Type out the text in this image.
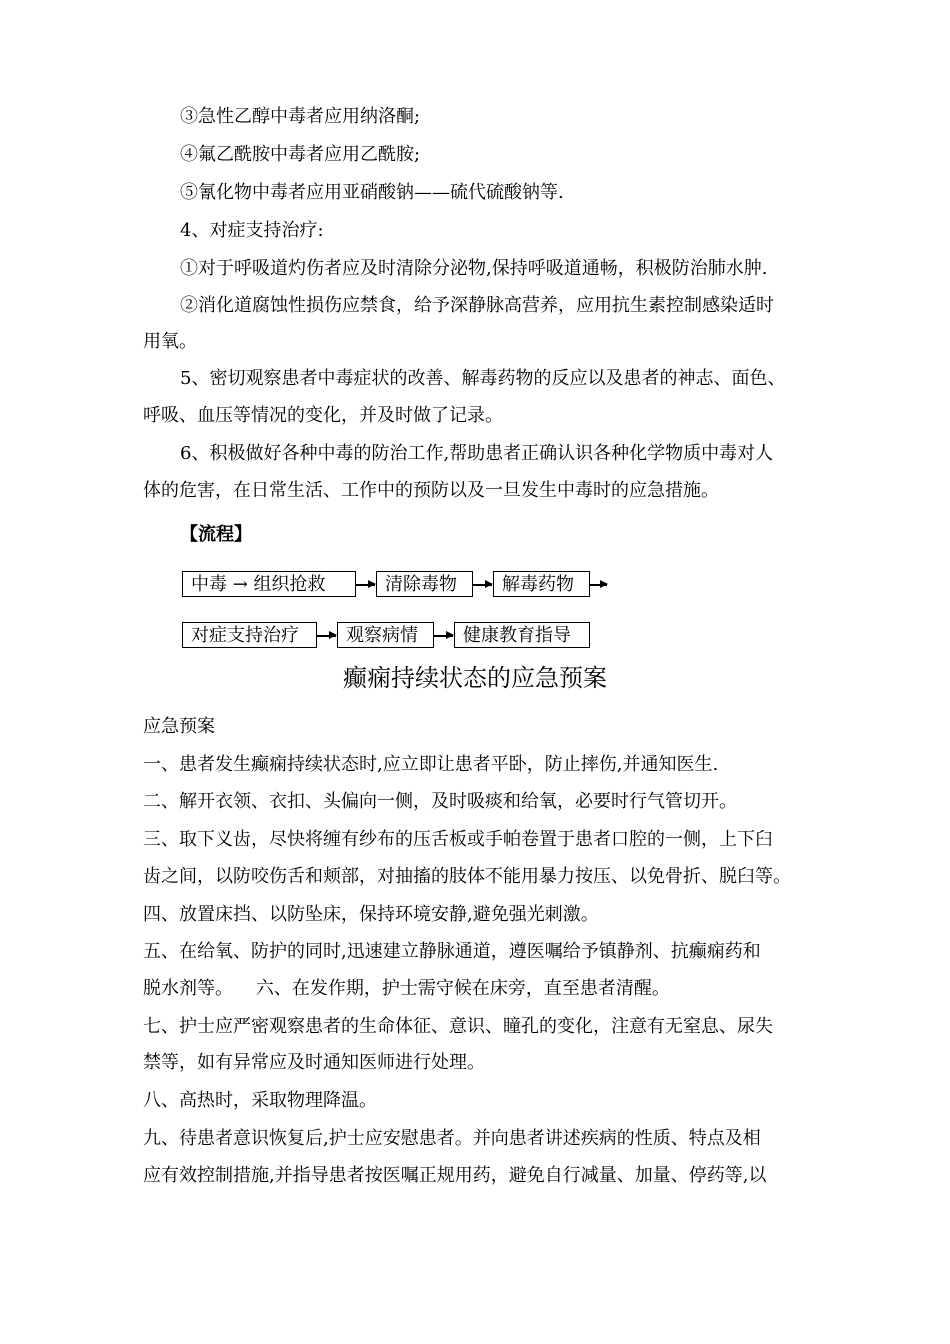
③急性乙醇中毒者应用纳洛酮;
④氟乙酰胺中毒者应用乙酰胺;
⑤氰化物中毒者应用亚硝酸钠——硫代硫酸钠等.
4、对症支持治疗:
①对于呼吸道灼伤者应及时清除分泌物,保持呼吸道通畅，积极防治肺水肿.
②消化道腐蚀性损伤应禁食，给予深静脉高营养，应用抗生素控制感染适时
用氧。
5、密切观察患者中毒症状的改善、解毒药物的反应以及患者的神志、面色、
呼吸、血压等情况的变化，并及时做了记录。
6、积极做好各种中毒的防治工作,帮助患者正确认识各种化学物质中毒对人
体的危害，在日常生活、工作中的预防以及一旦发生中毒时的应急措施。
【流程】
中毒 → 组织抢救	清除毒物	解毒药物
对症支持治疗	观察病情	健康教育指导
癫痫持续状态的应急预案
应急预案
一、患者发生癫痫持续状态时,应立即让患者平卧，防止摔伤,并通知医生.
二、解开衣领、衣扣、头偏向一侧，及时吸痰和给氧，必要时行气管切开。
三、取下义齿，尽快将缠有纱布的压舌板或手帕卷置于患者口腔的一侧，上下臼
齿之间，以防咬伤舌和颊部，对抽搐的肢体不能用暴力按压、以免骨折、脱臼等。
四、放置床挡、以防坠床，保持环境安静,避免强光刺激。
五、在给氧、防护的同时,迅速建立静脉通道，遵医嘱给予镇静剂、抗癫痫药和
脱水剂等。    六、在发作期，护士需守候在床旁，直至患者清醒。
七、护士应严密观察患者的生命体征、意识、瞳孔的变化，注意有无窒息、尿失
禁等，如有异常应及时通知医师进行处理。
八、高热时，采取物理降温。
九、待患者意识恢复后,护士应安慰患者。并向患者讲述疾病的性质、特点及相
应有效控制措施,并指导患者按医嘱正规用药，避免自行减量、加量、停药等,以
